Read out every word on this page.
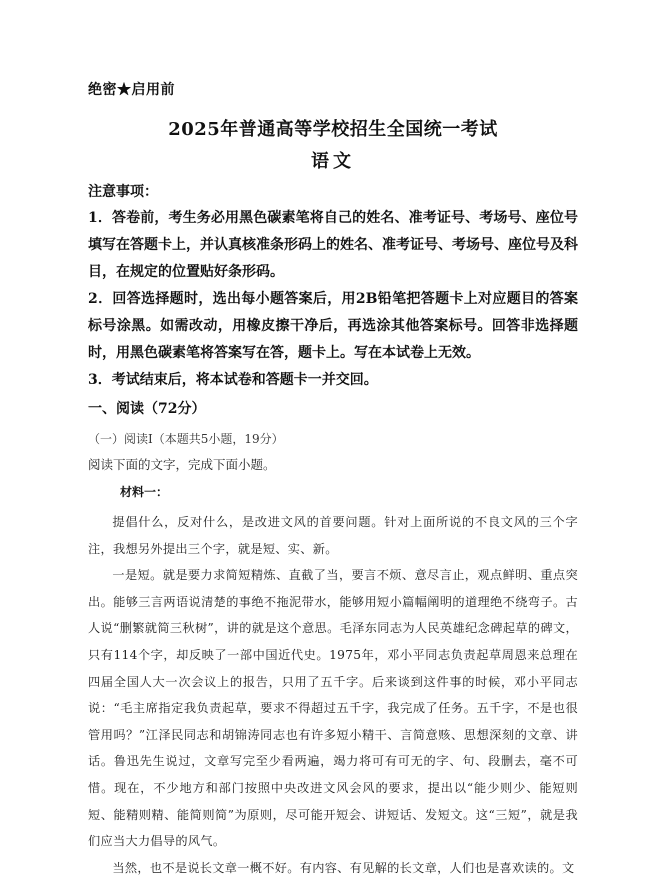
绝密★启用前
2025年普通高等学校招生全国统一考试
语文
注意事项：

1．答卷前，考生务必用黑色碳素笔将自己的姓名、准考证号、考场号、座位号填写在答题卡上，并认真核准条形码上的姓名、准考证号、考场号、座位号及科目，在规定的位置贴好条形码。

2．回答选择题时，选出每小题答案后，用2B铅笔把答题卡上对应题目的答案标号涂黑。如需改动，用橡皮擦干净后，再选涂其他答案标号。回答非选择题时，用黑色碳素笔将答案写在答，题卡上。写在本试卷上无效。

3．考试结束后，将本试卷和答题卡一并交回。

一、阅读（72分）
（一）阅读Ⅰ（本题共5小题，19分）
阅读下面的文字，完成下面小题。
材料一：

提倡什么，反对什么，是改进文风的首要问题。针对上面所说的不良文风的三个字注，我想另外提出三个字，就是短、实、新。

一是短。就是要力求简短精炼、直截了当，要言不烦、意尽言止，观点鲜明、重点突出。能够三言两语说清楚的事绝不拖泥带水，能够用短小篇幅阐明的道理绝不绕弯子。古人说“删繁就简三秋树”，讲的就是这个意思。毛泽东同志为人民英雄纪念碑起草的碑文，只有114个字，却反映了一部中国近代史。1975年，邓小平同志负责起草周恩来总理在四届全国人大一次会议上的报告，只用了五千字。后来谈到这件事的时候，邓小平同志说：“毛主席指定我负责起草，要求不得超过五千字，我完成了任务。五千字，不是也很管用吗？”江泽民同志和胡锦涛同志也有许多短小精干、言简意赅、思想深刻的文章、讲话。鲁迅先生说过，文章写完至少看两遍，竭力将可有可无的字、句、段删去，毫不可惜。现在，不少地方和部门按照中央改进文风会风的要求，提出以“能少则少、能短则短、能精则精、能简则简”为原则，尽可能开短会、讲短话、发短文。这“三短”，就是我们应当大力倡导的风气。

当然，也不是说长文章一概不好。有内容、有见解的长文章，人们也是喜欢读的。文
